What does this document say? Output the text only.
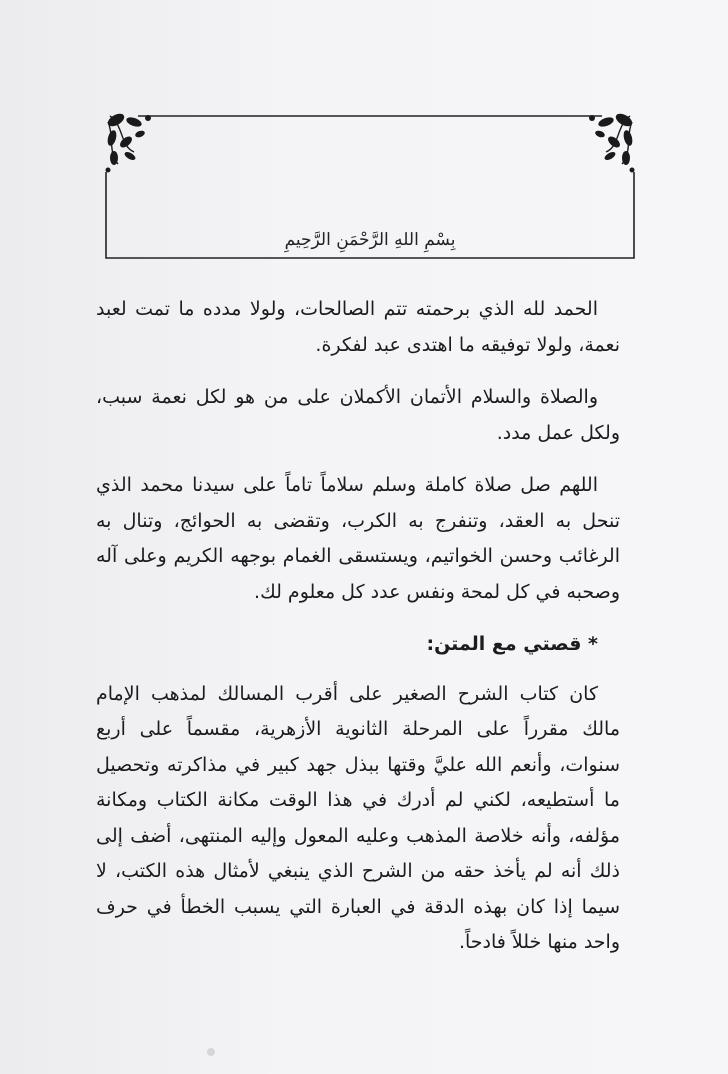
بِسْمِ اللهِ الرَّحْمَنِ الرَّحِيمِ

الحمد لله الذي برحمته تتم الصالحات، ولولا مدده ما تمت لعبد نعمة، ولولا توفيقه ما اهتدى عبد لفكرة.

والصلاة والسلام الأتمان الأكملان على من هو لكل نعمة سبب، ولكل عمل مدد.

اللهم صل صلاة كاملة وسلم سلاماً تاماً على سيدنا محمد الذي تنحل به العقد، وتنفرج به الكرب، وتقضى به الحوائج، وتنال به الرغائب وحسن الخواتيم، ويستسقى الغمام بوجهه الكريم وعلى آله وصحبه في كل لمحة ونفس عدد كل معلوم لك.

* قصتي مع المتن:

كان كتاب الشرح الصغير على أقرب المسالك لمذهب الإمام مالك مقرراً على المرحلة الثانوية الأزهرية، مقسماً على أربع سنوات، وأنعم الله عليَّ وقتها ببذل جهد كبير في مذاكرته وتحصيل ما أستطيعه، لكني لم أدرك في هذا الوقت مكانة الكتاب ومكانة مؤلفه، وأنه خلاصة المذهب وعليه المعول وإليه المنتهى، أضف إلى ذلك أنه لم يأخذ حقه من الشرح الذي ينبغي لأمثال هذه الكتب، لا سيما إذا كان بهذه الدقة في العبارة التي يسبب الخطأ في حرف واحد منها خللاً فادحاً.
